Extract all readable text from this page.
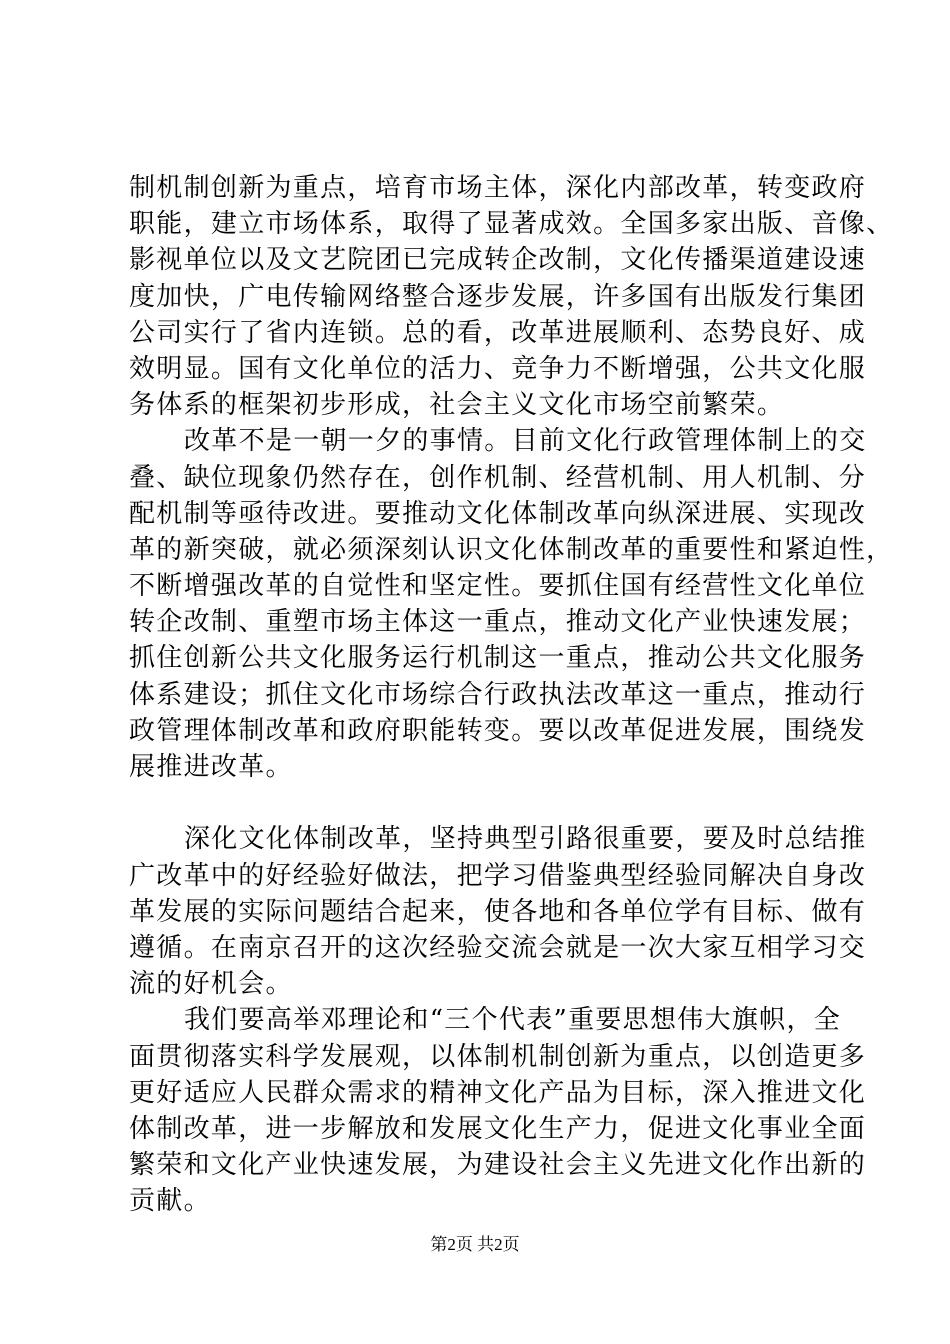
制机制创新为重点，培育市场主体，深化内部改革，转变政府
职能，建立市场体系，取得了显著成效。全国多家出版、音像、
影视单位以及文艺院团已完成转企改制，文化传播渠道建设速
度加快，广电传输网络整合逐步发展，许多国有出版发行集团
公司实行了省内连锁。总的看，改革进展顺利、态势良好、成
效明显。国有文化单位的活力、竞争力不断增强，公共文化服
务体系的框架初步形成，社会主义文化市场空前繁荣。
改革不是一朝一夕的事情。目前文化行政管理体制上的交
叠、缺位现象仍然存在，创作机制、经营机制、用人机制、分
配机制等亟待改进。要推动文化体制改革向纵深进展、实现改
革的新突破，就必须深刻认识文化体制改革的重要性和紧迫性，
不断增强改革的自觉性和坚定性。要抓住国有经营性文化单位
转企改制、重塑市场主体这一重点，推动文化产业快速发展；
抓住创新公共文化服务运行机制这一重点，推动公共文化服务
体系建设；抓住文化市场综合行政执法改革这一重点，推动行
政管理体制改革和政府职能转变。要以改革促进发展，围绕发
展推进改革。
深化文化体制改革，坚持典型引路很重要，要及时总结推
广改革中的好经验好做法，把学习借鉴典型经验同解决自身改
革发展的实际问题结合起来，使各地和各单位学有目标、做有
遵循。在南京召开的这次经验交流会就是一次大家互相学习交
流的好机会。
我们要高举邓理论和“三个代表”重要思想伟大旗帜，全
面贯彻落实科学发展观，以体制机制创新为重点，以创造更多
更好适应人民群众需求的精神文化产品为目标，深入推进文化
体制改革，进一步解放和发展文化生产力，促进文化事业全面
繁荣和文化产业快速发展，为建设社会主义先进文化作出新的
贡献。
第2页 共2页
